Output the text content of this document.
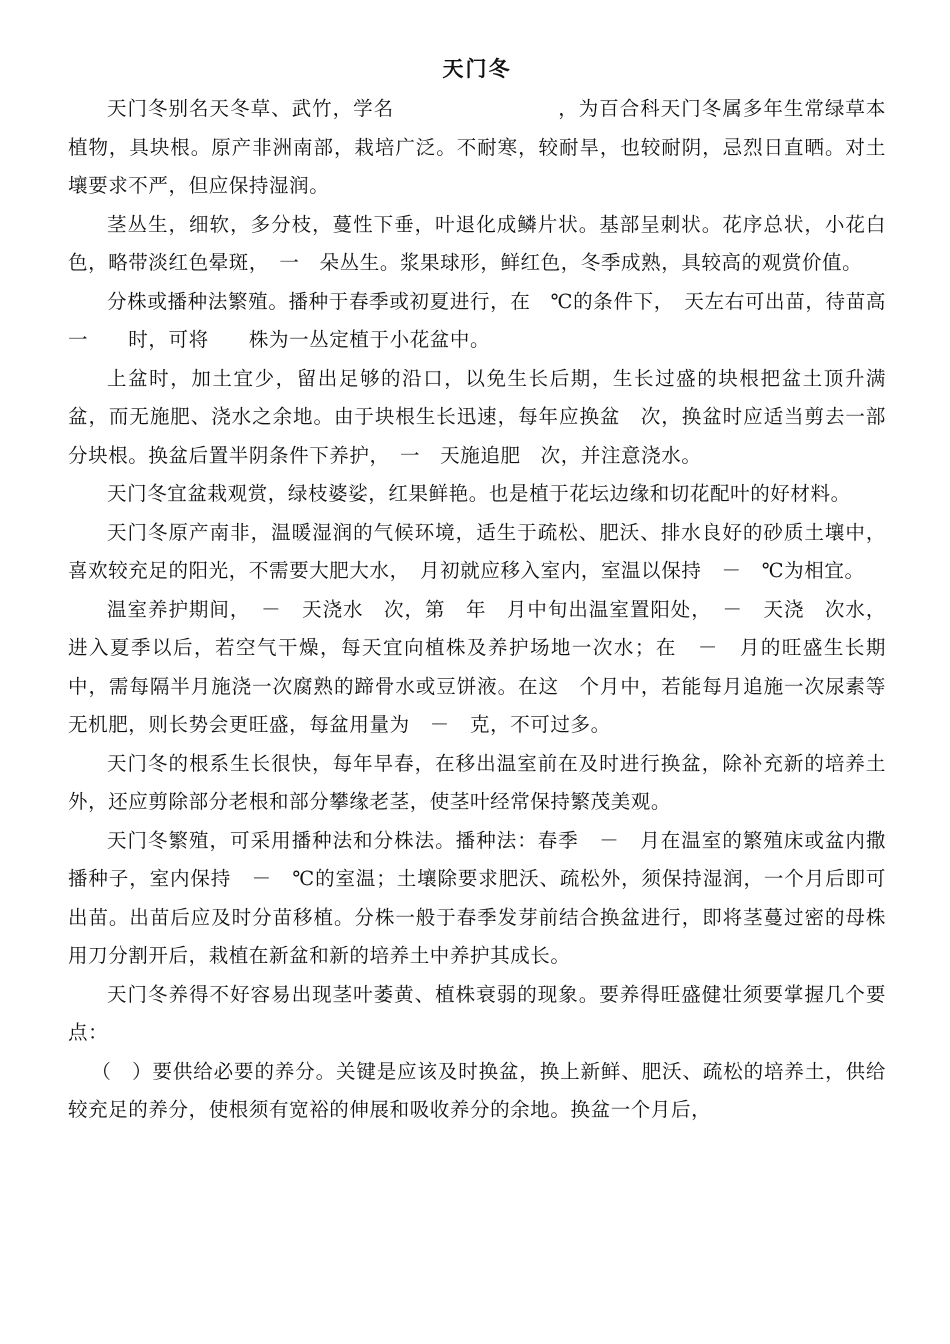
天门冬

天门冬别名天冬草、武竹，学名　　　　　　　　，为百合科天门冬属多年生常绿草本植物，具块根。原产非洲南部，栽培广泛。不耐寒，较耐旱，也较耐阴，忌烈日直晒。对土壤要求不严，但应保持湿润。

茎丛生，细软，多分枝，蔓性下垂，叶退化成鳞片状。基部呈刺状。花序总状，小花白色，略带淡红色晕斑，　一　朵丛生。浆果球形，鲜红色，冬季成熟，具较高的观赏价值。

分株或播种法繁殖。播种于春季或初夏进行，在　℃的条件下，　天左右可出苗，待苗高　一　　时，可将　　株为一丛定植于小花盆中。

上盆时，加土宜少，留出足够的沿口，以免生长后期，生长过盛的块根把盆土顶升满盆，而无施肥、浇水之余地。由于块根生长迅速，每年应换盆　次，换盆时应适当剪去一部分块根。换盆后置半阴条件下养护，　一　天施追肥　次，并注意浇水。

天门冬宜盆栽观赏，绿枝婆娑，红果鲜艳。也是植于花坛边缘和切花配叶的好材料。

天门冬原产南非，温暖湿润的气候环境，适生于疏松、肥沃、排水良好的砂质土壤中，喜欢较充足的阳光，不需要大肥大水，　月初就应移入室内，室温以保持　－　℃为相宜。

温室养护期间，　－　天浇水　次，第　年　月中旬出温室置阳处，　－　天浇　次水，进入夏季以后，若空气干燥，每天宜向植株及养护场地一次水；在　－　月的旺盛生长期中，需每隔半月施浇一次腐熟的蹄骨水或豆饼液。在这　个月中，若能每月追施一次尿素等无机肥，则长势会更旺盛，每盆用量为　－　克，不可过多。

天门冬的根系生长很快，每年早春，在移出温室前在及时进行换盆，除补充新的培养土外，还应剪除部分老根和部分攀缘老茎，使茎叶经常保持繁茂美观。

天门冬繁殖，可采用播种法和分株法。播种法：春季　－　月在温室的繁殖床或盆内撒播种子，室内保持　－　℃的室温；土壤除要求肥沃、疏松外，须保持湿润，一个月后即可出苗。出苗后应及时分苗移植。分株一般于春季发芽前结合换盆进行，即将茎蔓过密的母株用刀分割开后，栽植在新盆和新的培养土中养护其成长。

天门冬养得不好容易出现茎叶萎黄、植株衰弱的现象。要养得旺盛健壮须要掌握几个要点：

（　）要供给必要的养分。关键是应该及时换盆，换上新鲜、肥沃、疏松的培养土，供给较充足的养分，使根须有宽裕的伸展和吸收养分的余地。换盆一个月后，
